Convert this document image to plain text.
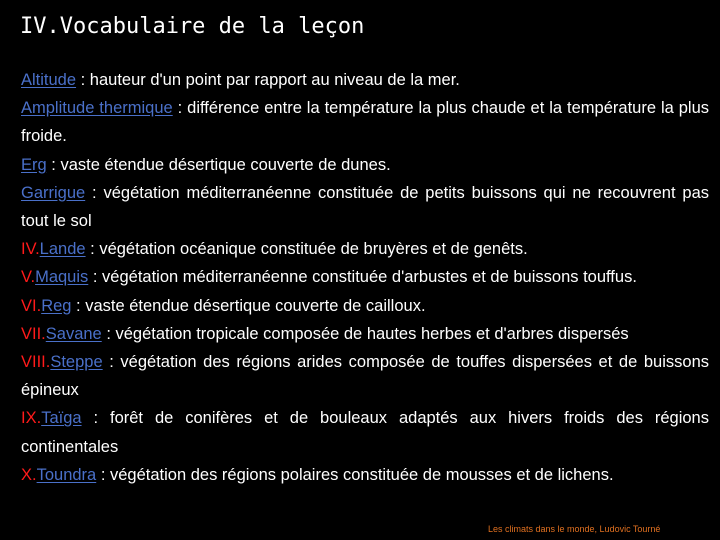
IV.Vocabulaire de la leçon
Altitude : hauteur d'un point par rapport au niveau de la mer.
Amplitude thermique : différence entre la température la plus chaude et la température la plus froide.
Erg : vaste étendue désertique couverte de dunes.
Garrigue : végétation méditerranéenne constituée de petits buissons qui ne recouvrent pas tout le sol
IV.Lande : végétation océanique constituée de bruyères et de genêts.
V.Maquis : végétation méditerranéenne constituée d'arbustes et de buissons touffus.
VI.Reg : vaste étendue désertique couverte de cailloux.
VII.Savane : végétation tropicale composée de hautes herbes et d'arbres dispersés
VIII.Steppe : végétation des régions arides composée de touffes dispersées et de buissons épineux
IX.Taïga : forêt de conifères et de bouleaux adaptés aux hivers froids des régions continentales
X.Toundra : végétation des régions polaires constituée de mousses et de lichens.
Les climats dans le monde, Ludovic Tourné
